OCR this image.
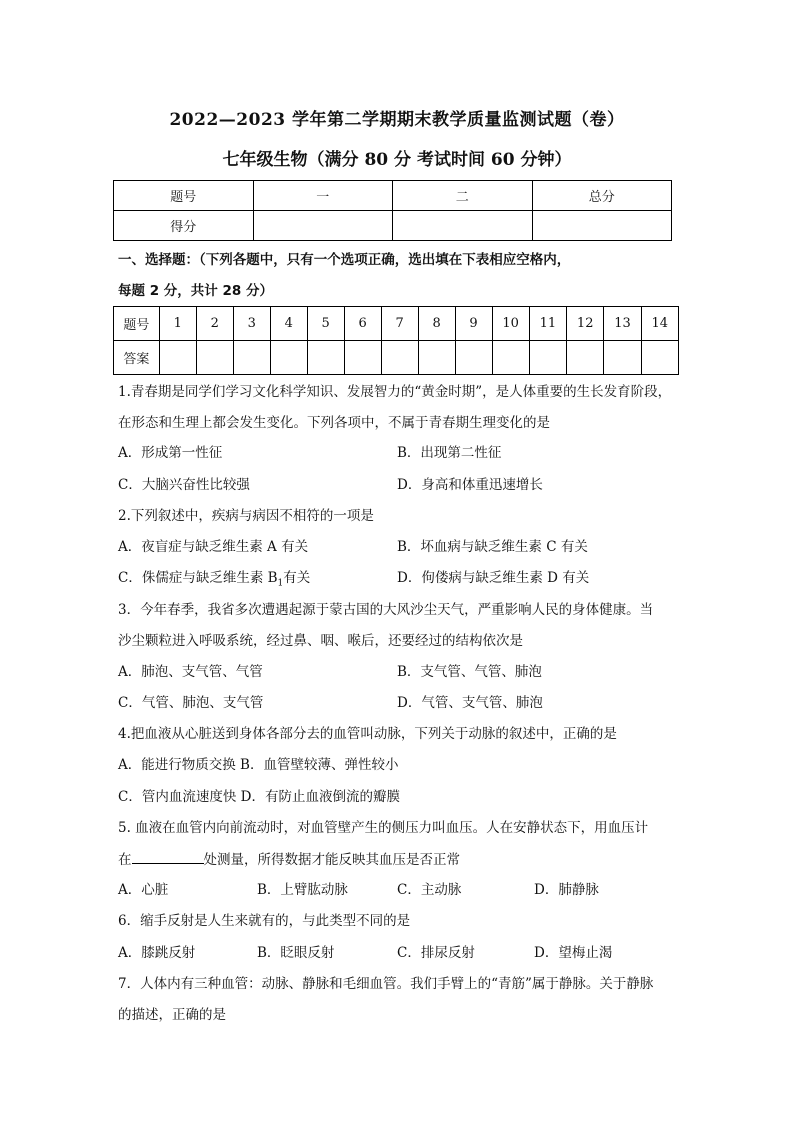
2022—2023 学年第二学期期末教学质量监测试题（卷）
七年级生物（满分 80 分 考试时间 60 分钟）
题号	一	二	总分
得分			
一、选择题：（下列各题中，只有一个选项正确，选出填在下表相应空格内，
每题 2 分，共计 28 分）
题号	1	2	3	4	5	6	7	8	9	10	11	12	13	14
答案														
1.青春期是同学们学习文化科学知识、发展智力的“黄金时期”，是人体重要的生长发育阶段，
在形态和生理上都会发生变化。下列各项中，不属于青春期生理变化的是
A．形成第一性征	B．出现第二性征
C．大脑兴奋性比较强	D．身高和体重迅速增长
2.下列叙述中，疾病与病因不相符的一项是
A．夜盲症与缺乏维生素 A 有关	B．坏血病与缺乏维生素 C 有关
C．侏儒症与缺乏维生素 $B_1$有关	D．佝偻病与缺乏维生素 D 有关
3．今年春季，我省多次遭遇起源于蒙古国的大风沙尘天气，严重影响人民的身体健康。当
沙尘颗粒进入呼吸系统，经过鼻、咽、喉后，还要经过的结构依次是
A．肺泡、支气管、气管	B．支气管、气管、肺泡
C．气管、肺泡、支气管	D．气管、支气管、肺泡
4.把血液从心脏送到身体各部分去的血管叫动脉，下列关于动脉的叙述中，正确的是
A．能进行物质交换 B．血管壁较薄、弹性较小
C．管内血流速度快 D．有防止血液倒流的瓣膜
5. 血液在血管内向前流动时，对血管壁产生的侧压力叫血压。人在安静状态下，用血压计
在	处测量，所得数据才能反映其血压是否正常
A．心脏	B．上臂肱动脉	C．主动脉	D．肺静脉
6．缩手反射是人生来就有的，与此类型不同的是
A．膝跳反射	B．眨眼反射	C．排尿反射	D．望梅止渴
7．人体内有三种血管：动脉、静脉和毛细血管。我们手臂上的“青筋”属于静脉。关于静脉
的描述，正确的是
